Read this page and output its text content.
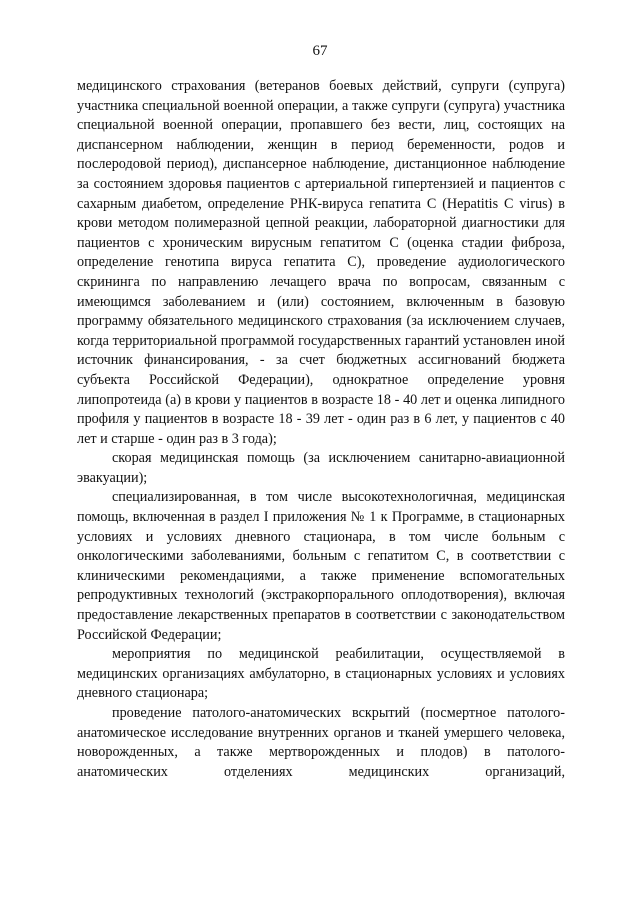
67

медицинского страхования (ветеранов боевых действий, супруги (супруга) участника специальной военной операции, а также супруги (супруга) участника специальной военной операции, пропавшего без вести, лиц, состоящих на диспансерном наблюдении, женщин в период беременности, родов и послеродовой период), диспансерное наблюдение, дистанционное наблюдение за состоянием здоровья пациентов с артериальной гипертензией и пациентов с сахарным диабетом, определение РНК-вируса гепатита С (Hepatitis C virus) в крови методом полимеразной цепной реакции, лабораторной диагностики для пациентов с хроническим вирусным гепатитом С (оценка стадии фиброза, определение генотипа вируса гепатита С), проведение аудиологического скрининга по направлению лечащего врача по вопросам, связанным с имеющимся заболеванием и (или) состоянием, включенным в базовую программу обязательного медицинского страхования (за исключением случаев, когда территориальной программой государственных гарантий установлен иной источник финансирования, - за счет бюджетных ассигнований бюджета субъекта Российской Федерации), однократное определение уровня липопротеида (а) в крови у пациентов в возрасте 18 - 40 лет и оценка липидного профиля у пациентов в возрасте 18 - 39 лет - один раз в 6 лет, у пациентов с 40 лет и старше - один раз в 3 года);

скорая медицинская помощь (за исключением санитарно-авиационной эвакуации);

специализированная, в том числе высокотехнологичная, медицинская помощь, включенная в раздел I приложения № 1 к Программе, в стационарных условиях и условиях дневного стационара, в том числе больным с онкологическими заболеваниями, больным с гепатитом С, в соответствии с клиническими рекомендациями, а также применение вспомогательных репродуктивных технологий (экстракорпорального оплодотворения), включая предоставление лекарственных препаратов в соответствии с законодательством Российской Федерации;

мероприятия по медицинской реабилитации, осуществляемой в медицинских организациях амбулаторно, в стационарных условиях и условиях дневного стационара;

проведение патолого-анатомических вскрытий (посмертное патолого-анатомическое исследование внутренних органов и тканей умершего человека, новорожденных, а также мертворожденных и плодов) в патолого-анатомических отделениях медицинских организаций,
